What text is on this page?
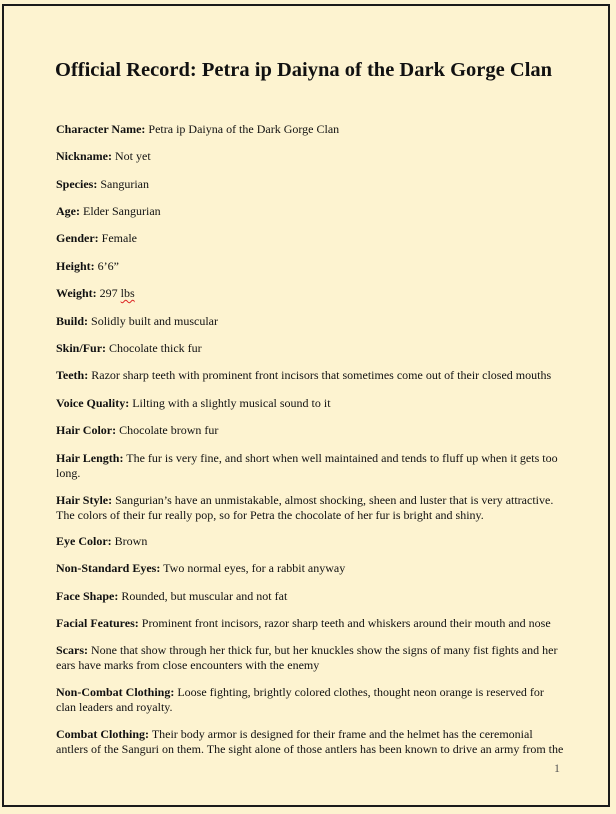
Official Record: Petra ip Daiyna of the Dark Gorge Clan

Character Name: Petra ip Daiyna of the Dark Gorge Clan

Nickname: Not yet

Species: Sangurian

Age: Elder Sangurian

Gender: Female

Height: 6’6”

Weight: 297 lbs

Build: Solidly built and muscular

Skin/Fur: Chocolate thick fur

Teeth: Razor sharp teeth with prominent front incisors that sometimes come out of their closed mouths

Voice Quality: Lilting with a slightly musical sound to it

Hair Color: Chocolate brown fur

Hair Length: The fur is very fine, and short when well maintained and tends to fluff up when it gets too long.

Hair Style: Sangurian’s have an unmistakable, almost shocking, sheen and luster that is very attractive. The colors of their fur really pop, so for Petra the chocolate of her fur is bright and shiny.

Eye Color: Brown

Non-Standard Eyes: Two normal eyes, for a rabbit anyway

Face Shape: Rounded, but muscular and not fat

Facial Features: Prominent front incisors, razor sharp teeth and whiskers around their mouth and nose

Scars: None that show through her thick fur, but her knuckles show the signs of many fist fights and her ears have marks from close encounters with the enemy

Non-Combat Clothing: Loose fighting, brightly colored clothes, thought neon orange is reserved for clan leaders and royalty.

Combat Clothing: Their body armor is designed for their frame and the helmet has the ceremonial antlers of the Sanguri on them. The sight alone of those antlers has been known to drive an army from the

1
